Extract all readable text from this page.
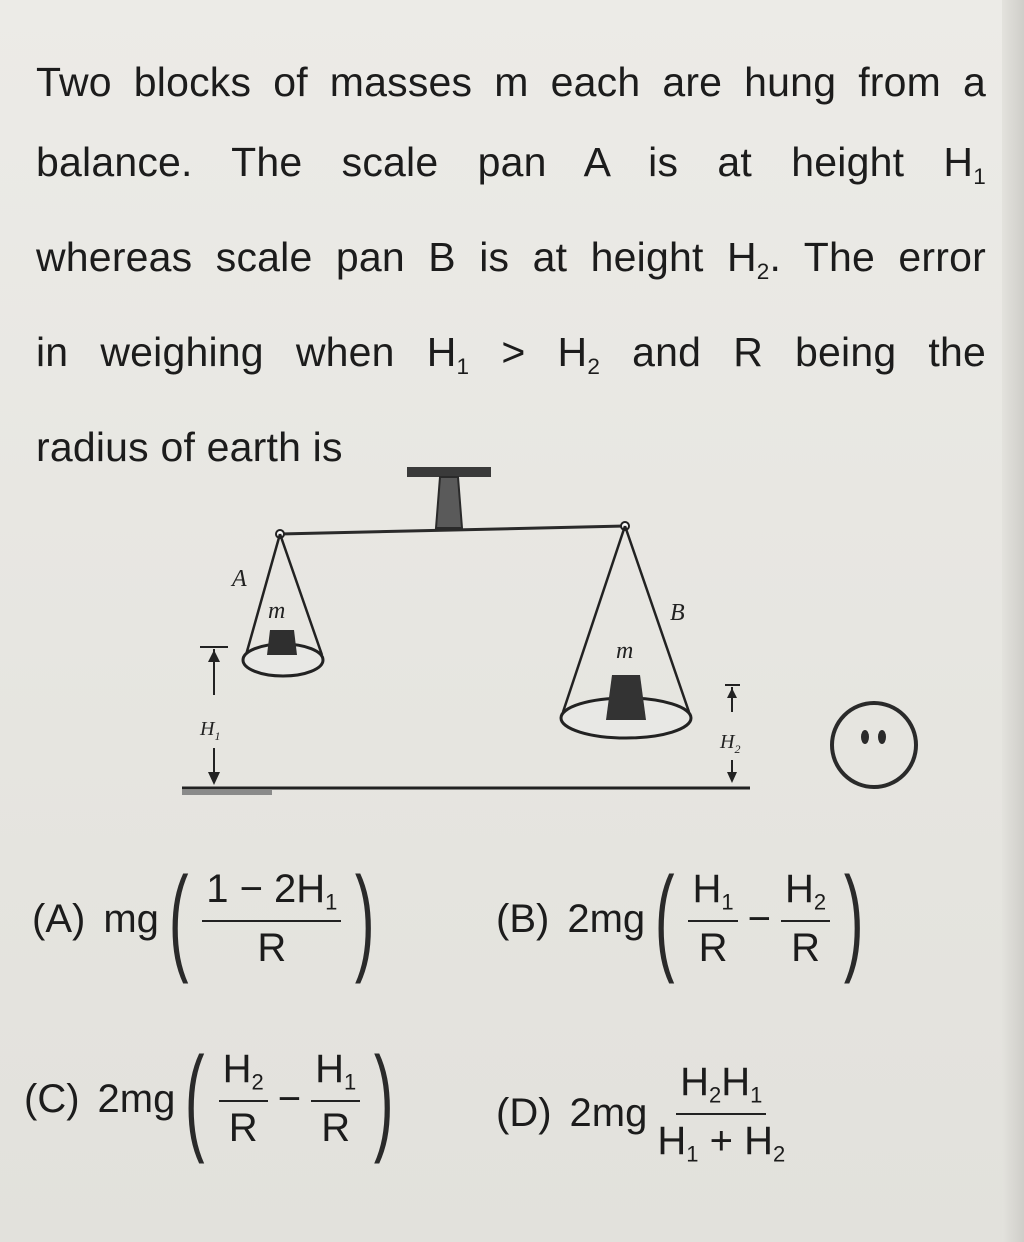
Two blocks of masses m each are hung from a
balance. The scale pan A is at height $H_1$
whereas scale pan B is at height $H_2$. The error
in weighing when $H_1 > H_2$ and R being the
radius of earth is
A
m	B
m
$H_1$	$H_2$
(A) mg ( $\frac{1 - 2H_1}{R}$ )	(B) 2mg ( $\frac{H_1}{R} - \frac{H_2}{R}$ )
(C) 2mg ( $\frac{H_2}{R} - \frac{H_1}{R}$ )	(D) $2mg \frac{H_2H_1}{H_1 + H_2}$
